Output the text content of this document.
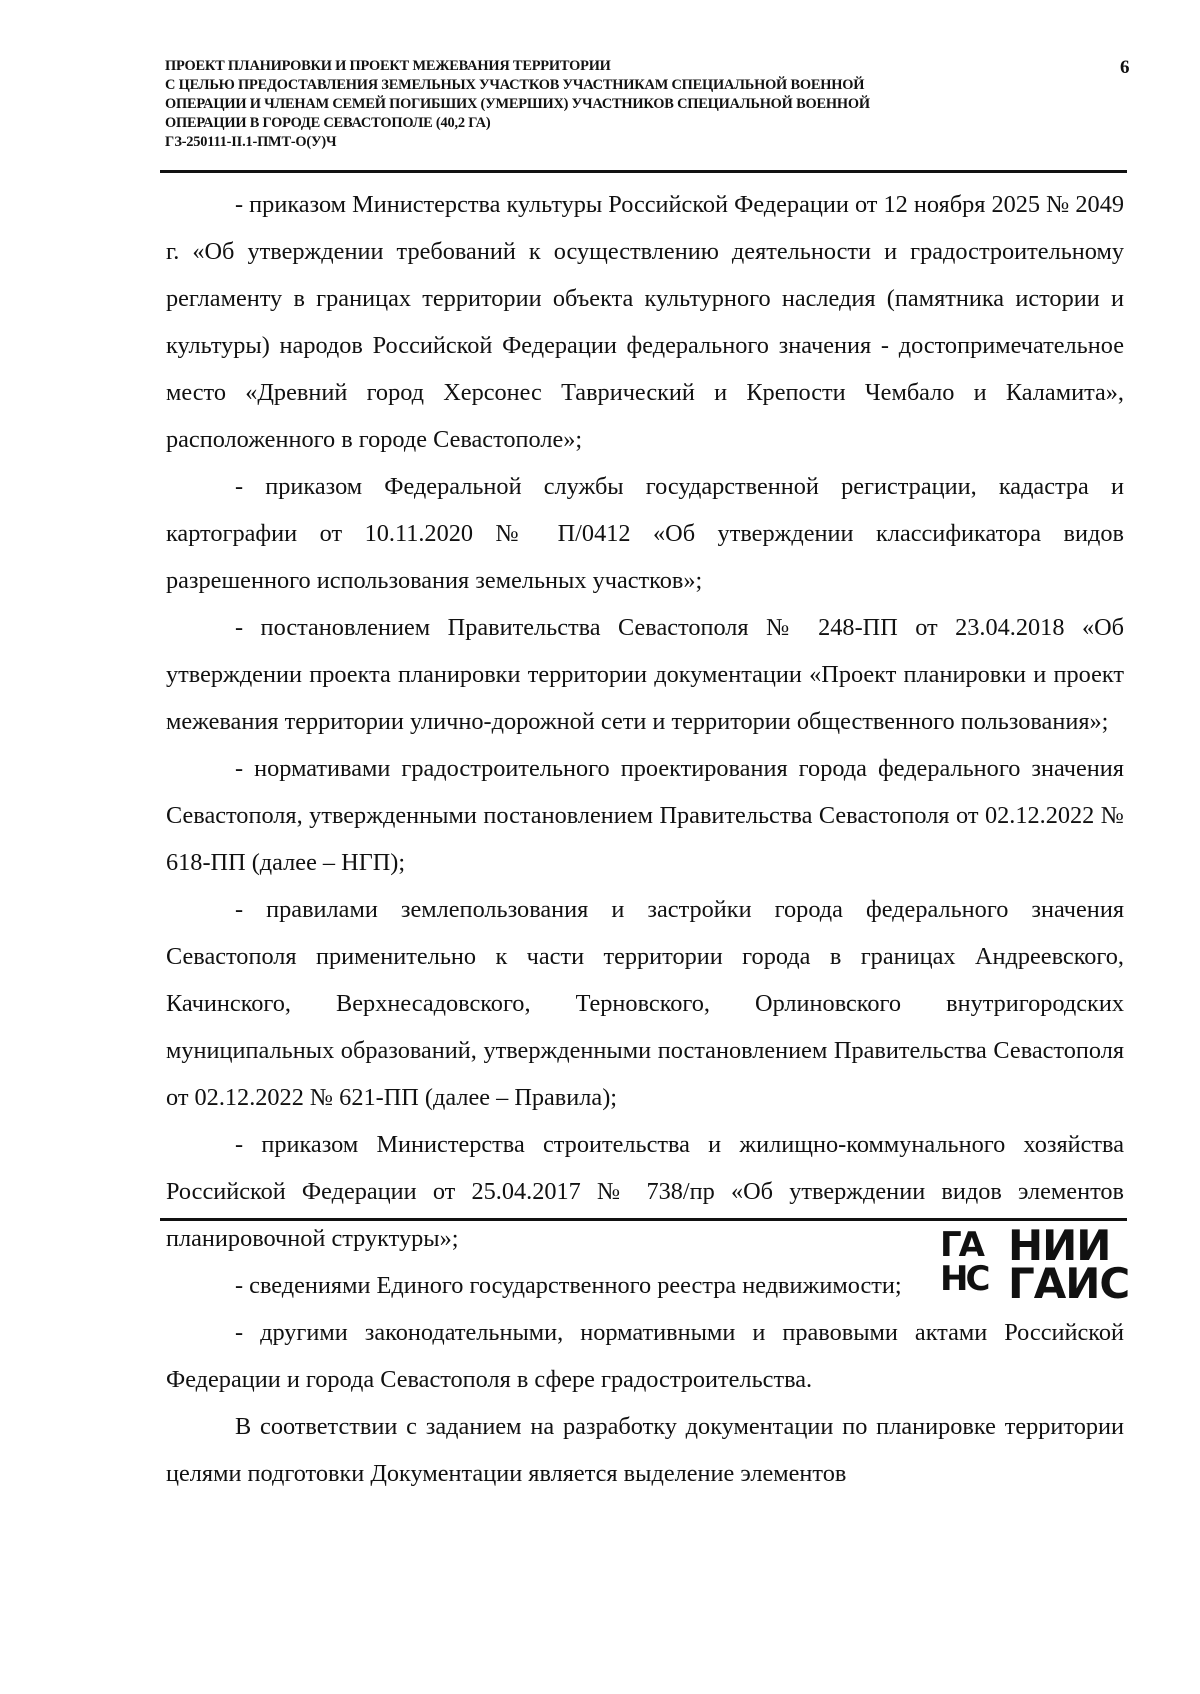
ПРОЕКТ ПЛАНИРОВКИ И ПРОЕКТ МЕЖЕВАНИЯ ТЕРРИТОРИИ
С ЦЕЛЬЮ ПРЕДОСТАВЛЕНИЯ ЗЕМЕЛЬНЫХ УЧАСТКОВ УЧАСТНИКАМ СПЕЦИАЛЬНОЙ ВОЕННОЙ
ОПЕРАЦИИ И ЧЛЕНАМ СЕМЕЙ ПОГИБШИХ (УМЕРШИХ) УЧАСТНИКОВ СПЕЦИАЛЬНОЙ ВОЕННОЙ
ОПЕРАЦИИ В ГОРОДЕ СЕВАСТОПОЛЕ (40,2 ГА)
ГЗ-250111-II.1-ПМТ-О(У)Ч
6

- приказом Министерства культуры Российской Федерации от 12 ноября 2025 № 2049 г. «Об утверждении требований к осуществлению деятельности и градостроительному регламенту в границах территории объекта культурного наследия (памятника истории и культуры) народов Российской Федерации федерального значения - достопримечательное место «Древний город Херсонес Таврический и Крепости Чембало и Каламита», расположенного в городе Севастополе»;

- приказом Федеральной службы государственной регистрации, кадастра и картографии от 10.11.2020 № П/0412 «Об утверждении классификатора видов разрешенного использования земельных участков»;

- постановлением Правительства Севастополя № 248-ПП от 23.04.2018 «Об утверждении проекта планировки территории документации «Проект планировки и проект межевания территории улично-дорожной сети и территории общественного пользования»;

- нормативами градостроительного проектирования города федерального значения Севастополя, утвержденными постановлением Правительства Севастополя от 02.12.2022 № 618-ПП (далее – НГП);

- правилами землепользования и застройки города федерального значения Севастополя применительно к части территории города в границах Андреевского, Качинского, Верхнесадовского, Терновского, Орлиновского внутригородских муниципальных образований, утвержденными постановлением Правительства Севастополя от 02.12.2022 № 621-ПП (далее – Правила);

- приказом Министерства строительства и жилищно-коммунального хозяйства Российской Федерации от 25.04.2017 № 738/пр «Об утверждении видов элементов планировочной структуры»;

- сведениями Единого государственного реестра недвижимости;

- другими законодательными, нормативными и правовыми актами Российской Федерации и города Севастополя в сфере градостроительства.

В соответствии с заданием на разработку документации по планировке территории целями подготовки Документации является выделение элементов

ГА
НС
НИИ
ГАИС
